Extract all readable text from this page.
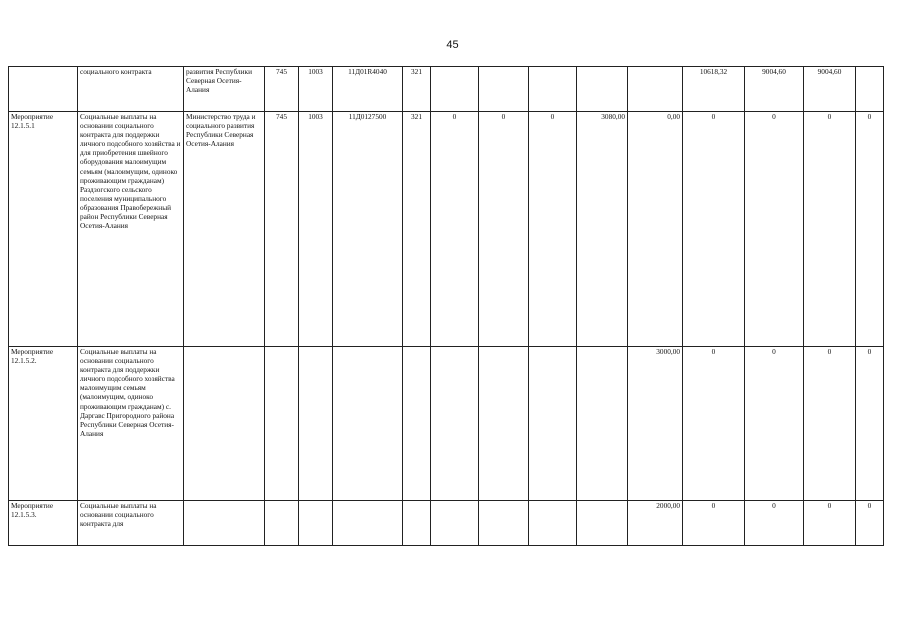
45
	социального контракта	развития Республики Северная Осетия-Алания	745	1003	11Д01R4040	321						10618,32	9004,60	9004,60	
Мероприятие 12.1.5.1	Социальные выплаты на основании социального контракта для поддержки личного подсобного хозяйства и для приобретения швейного оборудования малоимущим семьям (малоимущим, одиноко проживающим гражданам) Раздзогского сельского поселения муниципального образования Правобережный район Республики Северная Осетия-Алания	Министерство труда и социального развития Республики Северная Осетия-Алания	745	1003	11Д0127500	321	0	0	0	3080,00	0,00	0	0	0	0
Мероприятие 12.1.5.2.	Социальные выплаты на основании социального контракта для поддержки личного подсобного хозяйства малоимущим семьям (малоимущим, одиноко проживающим гражданам) с. Даргавс Пригородного района Республики Северная Осетия-Алания										3000,00	0	0	0	0
Мероприятие 12.1.5.3.	Социальные выплаты на основании социального контракта для										2000,00	0	0	0	0
